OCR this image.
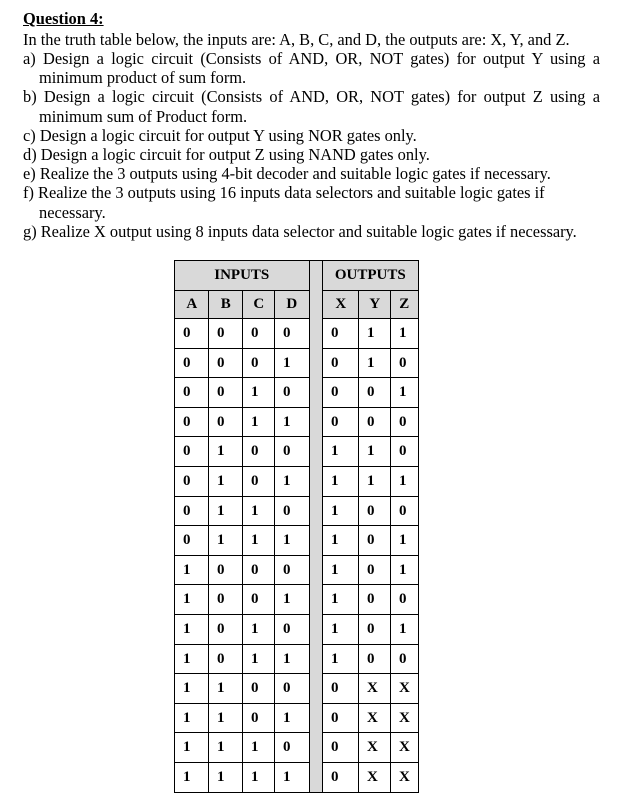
Question 4:
In the truth table below, the inputs are: A, B, C, and D, the outputs are: X, Y, and Z.
a) Design a logic circuit (Consists of AND, OR, NOT gates) for output Y using a
minimum product of sum form.
b) Design a logic circuit (Consists of AND, OR, NOT gates) for output Z using a
minimum sum of Product form.
c) Design a logic circuit for output Y using NOR gates only.
d) Design a logic circuit for output Z using NAND gates only.
e) Realize the 3 outputs using 4-bit decoder and suitable logic gates if necessary.
f) Realize the 3 outputs using 16 inputs data selectors and suitable logic gates if
necessary.
g) Realize X output using 8 inputs data selector and suitable logic gates if necessary.
INPUTS	OUTPUTS
A	B	C	D	X	Y	Z
0	0	0	0	0	1	1
0	0	0	1	0	1	0
0	0	1	0	0	0	1
0	0	1	1	0	0	0
0	1	0	0	1	1	0
0	1	0	1	1	1	1
0	1	1	0	1	0	0
0	1	1	1	1	0	1
1	0	0	0	1	0	1
1	0	0	1	1	0	0
1	0	1	0	1	0	1
1	0	1	1	1	0	0
1	1	0	0	0	X	X
1	1	0	1	0	X	X
1	1	1	0	0	X	X
1	1	1	1	0	X	X
